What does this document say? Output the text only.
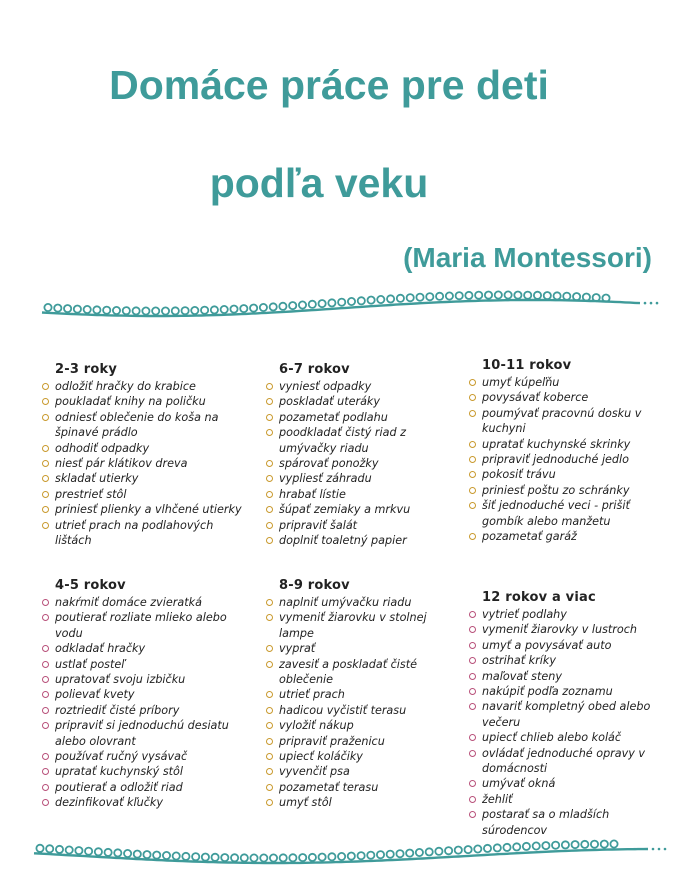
Domáce práce pre deti
podľa veku
(Maria Montessori)
2-3 roky
odložiť hračky do krabice
poukladať knihy na poličku
odniesť oblečenie do koša na špinavé prádlo
odhodiť odpadky
niesť pár klátikov dreva
skladať utierky
prestrieť stôl
priniesť plienky a vlhčené utierky
utrieť prach na podlahových lištách
6-7 rokov
vyniesť odpadky
poskladať uteráky
pozametať podlahu
poodkladať čistý riad z umývačky riadu
spárovať ponožky
vypliesť záhradu
hrabať lístie
šúpať zemiaky a mrkvu
pripraviť šalát
doplniť toaletný papier
10-11 rokov
umyť kúpeľňu
povysávať koberce
poumývať pracovnú dosku v kuchyni
upratať kuchynské skrinky
pripraviť jednoduché jedlo
pokosiť trávu
priniesť poštu zo schránky
šiť jednoduché veci - prišiť gombík alebo manžetu
pozametať garáž
4-5 rokov
nakŕmiť domáce zvieratká
poutierať rozliate mlieko alebo vodu
odkladať hračky
ustlať posteľ
upratovať svoju izbičku
polievať kvety
roztriediť čisté príbory
pripraviť si jednoduchú desiatu alebo olovrant
používať ručný vysávač
upratať kuchynský stôl
poutierať a odložiť riad
dezinfikovať kľučky
8-9 rokov
naplniť umývačku riadu
vymeniť žiarovku v stolnej lampe
vyprať
zavesiť a poskladať čisté oblečenie
utrieť prach
hadicou vyčistiť terasu
vyložiť nákup
pripraviť praženicu
upiecť koláčiky
vyvenčiť psa
pozametať terasu
umyť stôl
12 rokov a viac
vytrieť podlahy
vymeniť žiarovky v lustroch
umyť a povysávať auto
ostrihať kríky
maľovať steny
nakúpiť podľa zoznamu
navariť kompletný obed alebo večeru
upiecť chlieb alebo koláč
ovládať jednoduché opravy v domácnosti
umývať okná
žehliť
postarať sa o mladších súrodencov
